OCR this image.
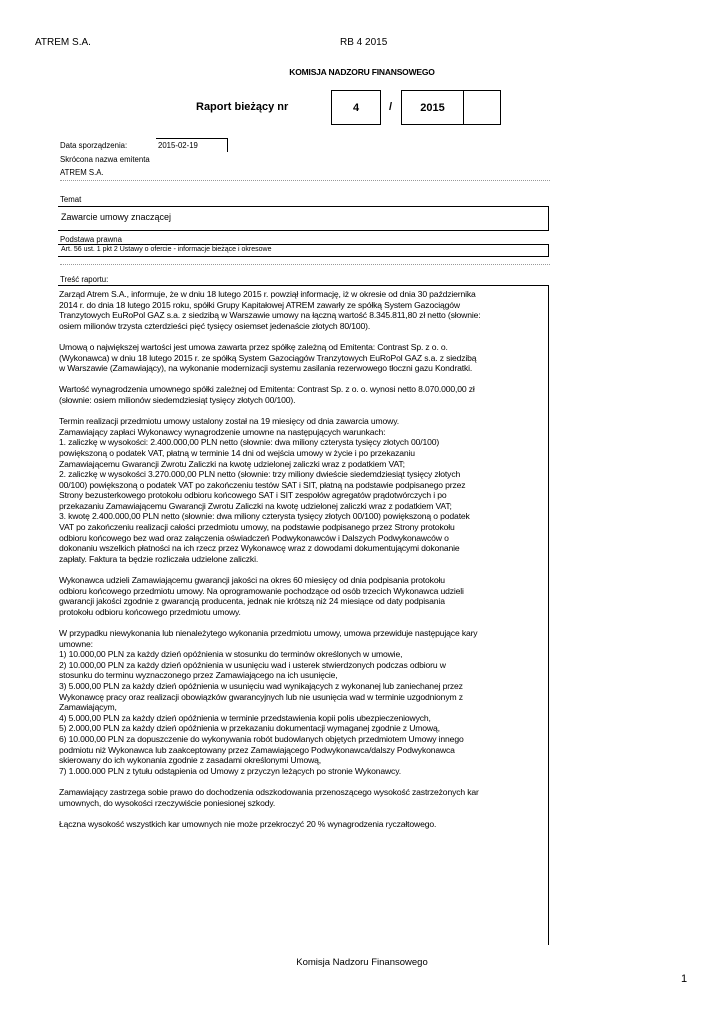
ATREM S.A.	RB 4 2015
KOMISJA NADZORU FINANSOWEGO
Raport bieżący nr	4	/	2015
Data sporządzenia:	2015-02-19
Skrócona nazwa emitenta
ATREM S.A.
Temat
Zawarcie umowy znaczącej
Podstawa prawna
Art. 56 ust. 1 pkt 2 Ustawy o ofercie - informacje bieżące i okresowe
Treść raportu:

Zarząd Atrem S.A., informuje, że w dniu 18 lutego 2015 r. powziął informację, iż w okresie od dnia 30 października
2014 r. do dnia 18 lutego 2015 roku, spółki Grupy Kapitałowej ATREM zawarły ze spółką System Gazociągów
Tranzytowych EuRoPol GAZ s.a. z siedzibą w Warszawie umowy na łączną wartość 8.345.811,80 zł netto (słownie:
osiem milionów trzysta czterdzieści pięć tysięcy osiemset jedenaście złotych 80/100).

Umową o największej wartości jest umowa zawarta przez spółkę zależną od Emitenta: Contrast Sp. z o. o.
(Wykonawca) w dniu 18 lutego 2015 r. ze spółką System Gazociągów Tranzytowych EuRoPol GAZ s.a. z siedzibą
w Warszawie (Zamawiający), na wykonanie modernizacji systemu zasilania rezerwowego tłoczni gazu Kondratki.

Wartość wynagrodzenia umownego spółki zależnej od Emitenta: Contrast Sp. z o. o. wynosi netto 8.070.000,00 zł
(słownie: osiem milionów siedemdziesiąt tysięcy złotych 00/100).

Termin realizacji przedmiotu umowy ustalony został na 19 miesięcy od dnia zawarcia umowy.
Zamawiający zapłaci Wykonawcy wynagrodzenie umowne na następujących warunkach:
1. zaliczkę w wysokości: 2.400.000,00 PLN netto (słownie: dwa miliony czterysta tysięcy złotych 00/100)
powiększoną o podatek VAT, płatną w terminie 14 dni od wejścia umowy w życie i po przekazaniu
Zamawiającemu Gwarancji Zwrotu Zaliczki na kwotę udzielonej zaliczki wraz z podatkiem VAT;
2. zaliczkę w wysokości 3.270.000,00 PLN netto (słownie: trzy miliony dwieście siedemdziesiąt tysięcy złotych
00/100) powiększoną o podatek VAT po zakończeniu testów SAT i SIT, płatną na podstawie podpisanego przez
Strony bezusterkowego protokołu odbioru końcowego SAT i SIT zespołów agregatów prądotwórczych i po
przekazaniu Zamawiającemu Gwarancji Zwrotu Zaliczki na kwotę udzielonej zaliczki wraz z podatkiem VAT;
3. kwotę 2.400.000,00 PLN netto (słownie: dwa miliony czterysta tysięcy złotych 00/100) powiększoną o podatek
VAT po zakończeniu realizacji całości przedmiotu umowy, na podstawie podpisanego przez Strony protokołu
odbioru końcowego bez wad oraz załączenia oświadczeń Podwykonawców i Dalszych Podwykonawców o
dokonaniu wszelkich płatności na ich rzecz przez Wykonawcę wraz z dowodami dokumentującymi dokonanie
zapłaty. Faktura ta będzie rozliczała udzielone zaliczki.

Wykonawca udzieli Zamawiającemu gwarancji jakości na okres 60 miesięcy od dnia podpisania protokołu
odbioru końcowego przedmiotu umowy. Na oprogramowanie pochodzące od osób trzecich Wykonawca udzieli
gwarancji jakości zgodnie z gwarancją producenta, jednak nie krótszą niż 24 miesiące od daty podpisania
protokołu odbioru końcowego przedmiotu umowy.

W przypadku niewykonania lub nienależytego wykonania przedmiotu umowy, umowa przewiduje następujące kary
umowne:
1) 10.000,00 PLN za każdy dzień opóźnienia w stosunku do terminów określonych w umowie,
2) 10.000,00 PLN za każdy dzień opóźnienia w usunięciu wad i usterek stwierdzonych podczas odbioru w
stosunku do terminu wyznaczonego przez Zamawiającego na ich usunięcie,
3) 5.000,00 PLN za każdy dzień opóźnienia w usunięciu wad wynikających z wykonanej lub zaniechanej przez
Wykonawcę pracy oraz realizacji obowiązków gwarancyjnych lub nie usunięcia wad w terminie uzgodnionym z
Zamawiającym,
4) 5.000,00 PLN za każdy dzień opóźnienia w terminie przedstawienia kopii polis ubezpieczeniowych,
5) 2.000,00 PLN za każdy dzień opóźnienia w przekazaniu dokumentacji wymaganej zgodnie z Umową,
6) 10.000,00 PLN za dopuszczenie do wykonywania robót budowlanych objętych przedmiotem Umowy innego
podmiotu niż Wykonawca lub zaakceptowany przez Zamawiającego Podwykonawca/dalszy Podwykonawca
skierowany do ich wykonania zgodnie z zasadami określonymi Umową,
7) 1.000.000 PLN z tytułu odstąpienia od Umowy z przyczyn leżących po stronie Wykonawcy.

Zamawiający zastrzega sobie prawo do dochodzenia odszkodowania przenoszącego wysokość zastrzeżonych kar
umownych, do wysokości rzeczywiście poniesionej szkody.

Łączna wysokość wszystkich kar umownych nie może przekroczyć 20 % wynagrodzenia ryczałtowego.

Komisja Nadzoru Finansowego
1
